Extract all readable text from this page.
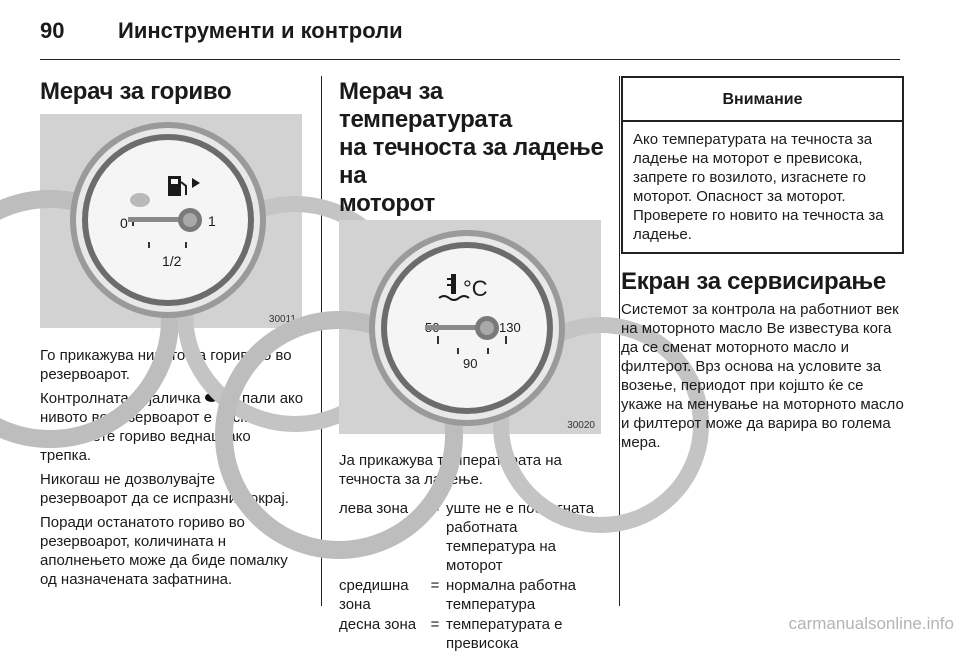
90 Иинструменти и контроли
Мерач за гориво
0	1
1/2
30011

Го прикажува нивото на горивото во резервоарот.

Контролната сијаличка се пали ако нивото во резервоарот е ниско. Наполнете гориво веднаш ако трепка.

Никогаш не дозволувајте резервоарот да се испразни докрај.

Поради останатото гориво во резервоарот, количината н аполнењето може да биде помалку од назначената зафатнина.

Мерач за температурата
на течноста за ладење на
моторот
°C
130
90
30020

Ја прикажува температурата на течноста за ладење.

лева зона	= уште не е постигната работната температура на моторот
средишна зона
= нормална работна температура
десна зона = температурата е превисока
Внимание
Ако температурата на течноста за ладење на моторот е превисока, запрете го возилото, изгаснете го моторот. Опасност за моторот. Проверете го новито на течноста за ладење.
Екран за сервисирање

Системот за контрола на работниот век на моторното масло Ве известува кога да се сменат моторното масло и филтерот. Врз основа на условите за возење, периодот при којшто ќе се укаже на менување на моторното масло и филтерот може да варира во голема мера.

carmanualsonline.info
